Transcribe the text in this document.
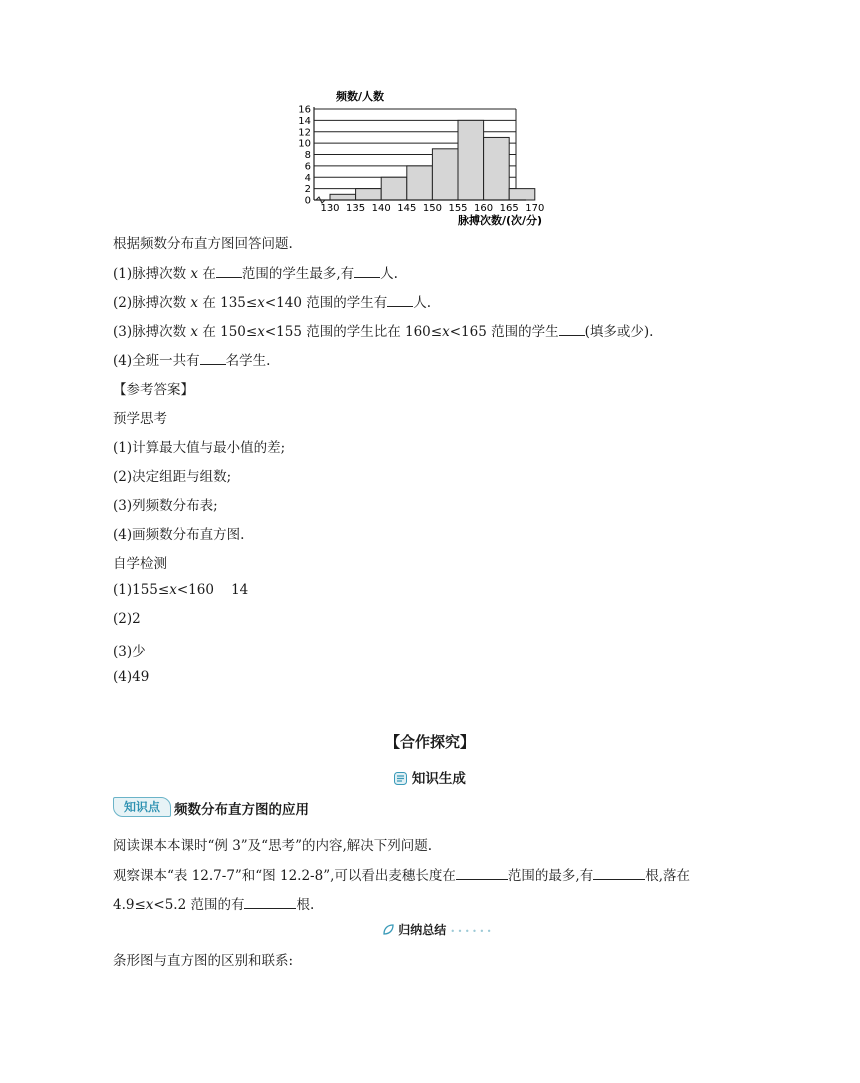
0
2
4
6
8
10
12
14
16
130 135 140 145 150 155 160 165 170
频数/人数
脉搏次数/(次/分)
根据频数分布直方图回答问题.
(1)脉搏次数 x 在 范围的学生最多,有 人.
(2)脉搏次数 x 在 135≤x<140 范围的学生有 人.
(3)脉搏次数 x 在 150≤x<155 范围的学生比在 160≤x<165 范围的学生 (填多或少).
(4)全班一共有 名学生.
【参考答案】
预学思考
(1)计算最大值与最小值的差;
(2)决定组距与组数;
(3)列频数分布表;
(4)画频数分布直方图.
自学检测
(1)155≤x<160    14
(2)2
(3)少
(4)49
【合作探究】
知识生成
知识点	频数分布直方图的应用
阅读课本本课时“例 3”及“思考”的内容,解决下列问题.
观察课本“表 12.7-7”和“图 12.2-8”,可以看出麦穗长度在	范围的最多,有	根,落在
4.9≤x<5.2 范围的有	根.
归纳总结 • • • • • •
条形图与直方图的区别和联系:
